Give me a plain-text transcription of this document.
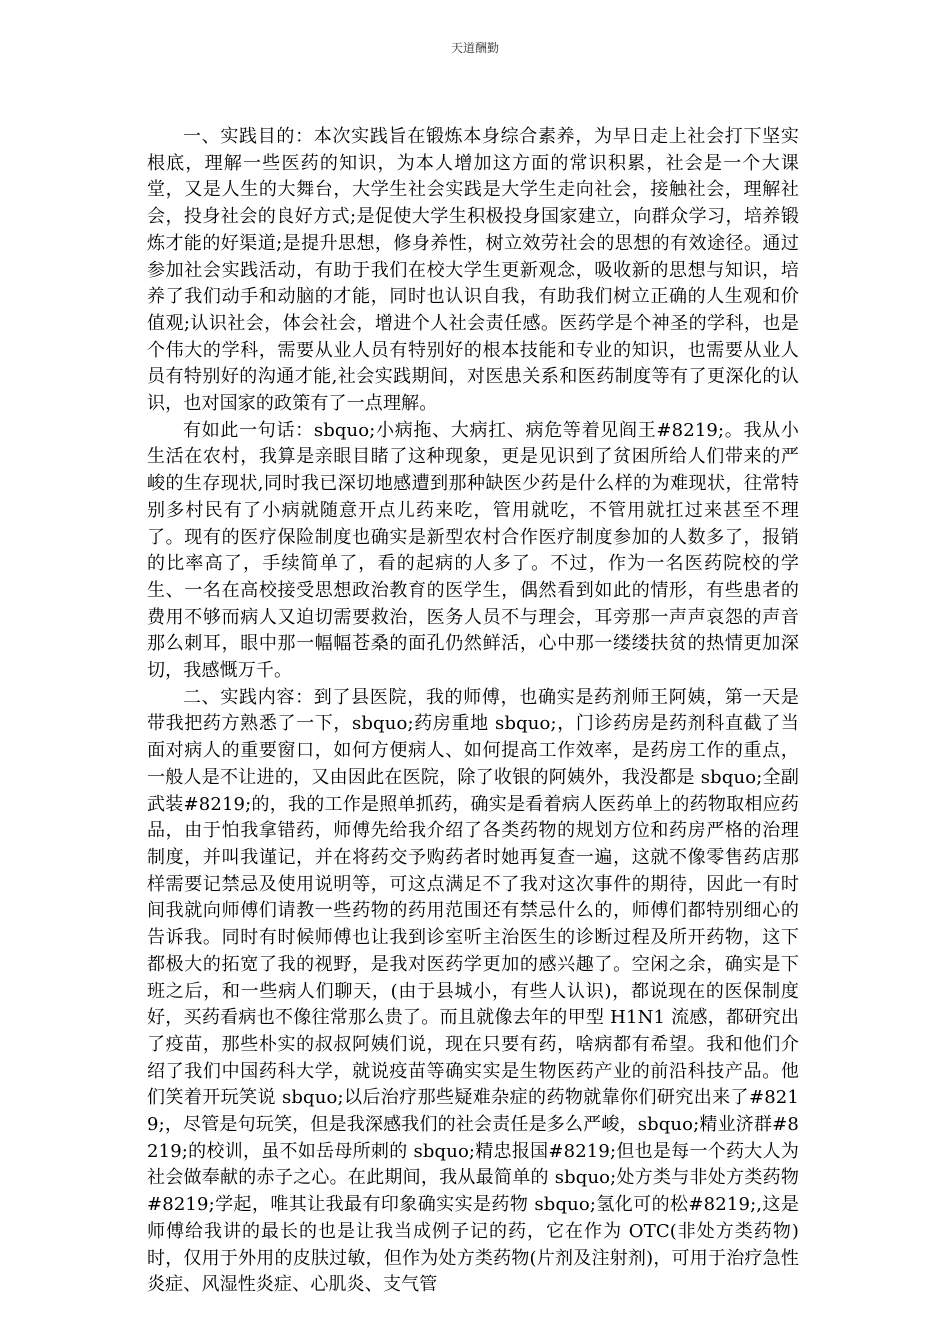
天道酬勤

一、实践目的：本次实践旨在锻炼本身综合素养，为早日走上社会打下坚实根底，理解一些医药的知识，为本人增加这方面的常识积累，社会是一个大课堂，又是人生的大舞台，大学生社会实践是大学生走向社会，接触社会，理解社会，投身社会的良好方式;是促使大学生积极投身国家建立，向群众学习，培养锻炼才能的好渠道;是提升思想，修身养性，树立效劳社会的思想的有效途径。通过参加社会实践活动，有助于我们在校大学生更新观念，吸收新的思想与知识，培养了我们动手和动脑的才能，同时也认识自我，有助我们树立正确的人生观和价值观;认识社会，体会社会，增进个人社会责任感。医药学是个神圣的学科，也是个伟大的学科，需要从业人员有特别好的根本技能和专业的知识，也需要从业人员有特别好的沟通才能,社会实践期间，对医患关系和医药制度等有了更深化的认识，也对国家的政策有了一点理解。

有如此一句话：sbquo;小病拖、大病扛、病危等着见阎王#8219;。我从小生活在农村，我算是亲眼目睹了这种现象，更是见识到了贫困所给人们带来的严峻的生存现状,同时我已深切地感遭到那种缺医少药是什么样的为难现状，往常特别多村民有了小病就随意开点儿药来吃，管用就吃，不管用就扛过来甚至不理了。现有的医疗保险制度也确实是新型农村合作医疗制度参加的人数多了，报销的比率高了，手续简单了，看的起病的人多了。不过，作为一名医药院校的学生、一名在高校接受思想政治教育的医学生，偶然看到如此的情形，有些患者的费用不够而病人又迫切需要救治，医务人员不与理会，耳旁那一声声哀怨的声音那么刺耳，眼中那一幅幅苍桑的面孔仍然鲜活，心中那一缕缕扶贫的热情更加深切，我感慨万千。

二、实践内容：到了县医院，我的师傅，也确实是药剂师王阿姨，第一天是带我把药方熟悉了一下，sbquo;药房重地 sbquo;，门诊药房是药剂科直截了当面对病人的重要窗口，如何方便病人、如何提高工作效率，是药房工作的重点，一般人是不让进的，又由因此在医院，除了收银的阿姨外，我没都是 sbquo;全副武装#8219;的，我的工作是照单抓药，确实是看着病人医药单上的药物取相应药品，由于怕我拿错药，师傅先给我介绍了各类药物的规划方位和药房严格的治理制度，并叫我谨记，并在将药交予购药者时她再复查一遍，这就不像零售药店那样需要记禁忌及使用说明等，可这点满足不了我对这次事件的期待，因此一有时间我就向师傅们请教一些药物的药用范围还有禁忌什么的，师傅们都特别细心的告诉我。同时有时候师傅也让我到诊室听主治医生的诊断过程及所开药物，这下都极大的拓宽了我的视野，是我对医药学更加的感兴趣了。空闲之余，确实是下班之后，和一些病人们聊天，(由于县城小，有些人认识)，都说现在的医保制度好，买药看病也不像往常那么贵了。而且就像去年的甲型 H1N1 流感，都研究出了疫苗，那些朴实的叔叔阿姨们说，现在只要有药，啥病都有希望。我和他们介绍了我们中国药科大学，就说疫苗等确实实是生物医药产业的前沿科技产品。他们笑着开玩笑说 sbquo;以后治疗那些疑难杂症的药物就靠你们研究出来了#8219;，尽管是句玩笑，但是我深感我们的社会责任是多么严峻，sbquo;精业济群#8219;的校训，虽不如岳母所刺的 sbquo;精忠报国#8219;但也是每一个药大人为社会做奉献的赤子之心。在此期间，我从最简单的 sbquo;处方类与非处方类药物#8219;学起，唯其让我最有印象确实实是药物 sbquo;氢化可的松#8219;,这是师傅给我讲的最长的也是让我当成例子记的药，它在作为 OTC(非处方类药物)时，仅用于外用的皮肤过敏，但作为处方类药物(片剂及注射剂)，可用于治疗急性炎症、风湿性炎症、心肌炎、支气管
